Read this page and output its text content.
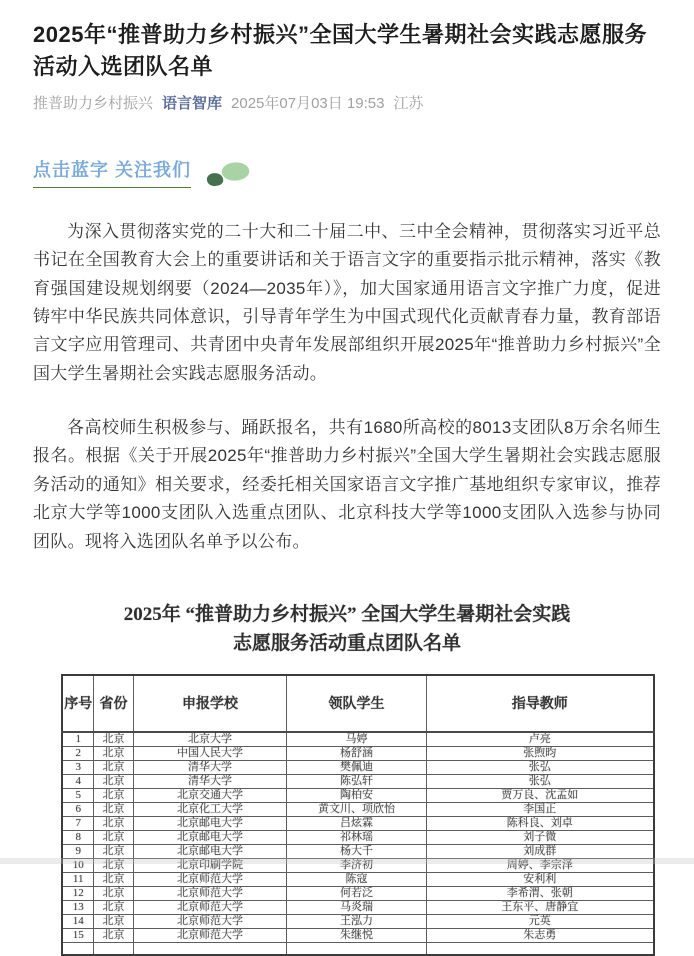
2025年“推普助力乡村振兴”全国大学生暑期社会实践志愿服务活动入选团队名单
推普助力乡村振兴 语言智库 2025年07月03日 19:53 江苏
点击蓝字 关注我们

为深入贯彻落实党的二十大和二十届二中、三中全会精神，贯彻落实习近平总书记在全国教育大会上的重要讲话和关于语言文字的重要指示批示精神，落实《教育强国建设规划纲要（2024—2035年）》，加大国家通用语言文字推广力度，促进铸牢中华民族共同体意识，引导青年学生为中国式现代化贡献青春力量，教育部语言文字应用管理司、共青团中央青年发展部组织开展2025年“推普助力乡村振兴”全国大学生暑期社会实践志愿服务活动。

各高校师生积极参与、踊跃报名，共有1680所高校的8013支团队8万余名师生报名。根据《关于开展2025年“推普助力乡村振兴”全国大学生暑期社会实践志愿服务活动的通知》相关要求，经委托相关国家语言文字推广基地组织专家审议，推荐北京大学等1000支团队入选重点团队、北京科技大学等1000支团队入选参与协同团队。现将入选团队名单予以公布。

2025年 “推普助力乡村振兴” 全国大学生暑期社会实践
志愿服务活动重点团队名单
序号	省份	申报学校	领队学生	指导教师
1	北京	北京大学	马婷	卢亮
2	北京	中国人民大学	杨舒涵	张煦昀
3	北京	清华大学	樊佩迪	张弘
4	北京	清华大学	陈弘轩	张弘
5	北京	北京交通大学	陶柏安	贾万良、沈孟如
6	北京	北京化工大学	黄文川、项欣怡	李国正
7	北京	北京邮电大学	吕炫霖	陈科良、刘卓
8	北京	北京邮电大学	祁林瑶	刘子微
9	北京	北京邮电大学	杨大千	刘成群
10	北京	北京印刷学院	李济初	周婷、李宗泽
11	北京	北京师范大学	陈寇	安利利
12	北京	北京师范大学	何若泛	李希渭、张朝
13	北京	北京师范大学	马炎瑞	王东平、唐静宜
14	北京	北京师范大学	王泓力	元英
15	北京	北京师范大学	朱继悦	朱志勇
